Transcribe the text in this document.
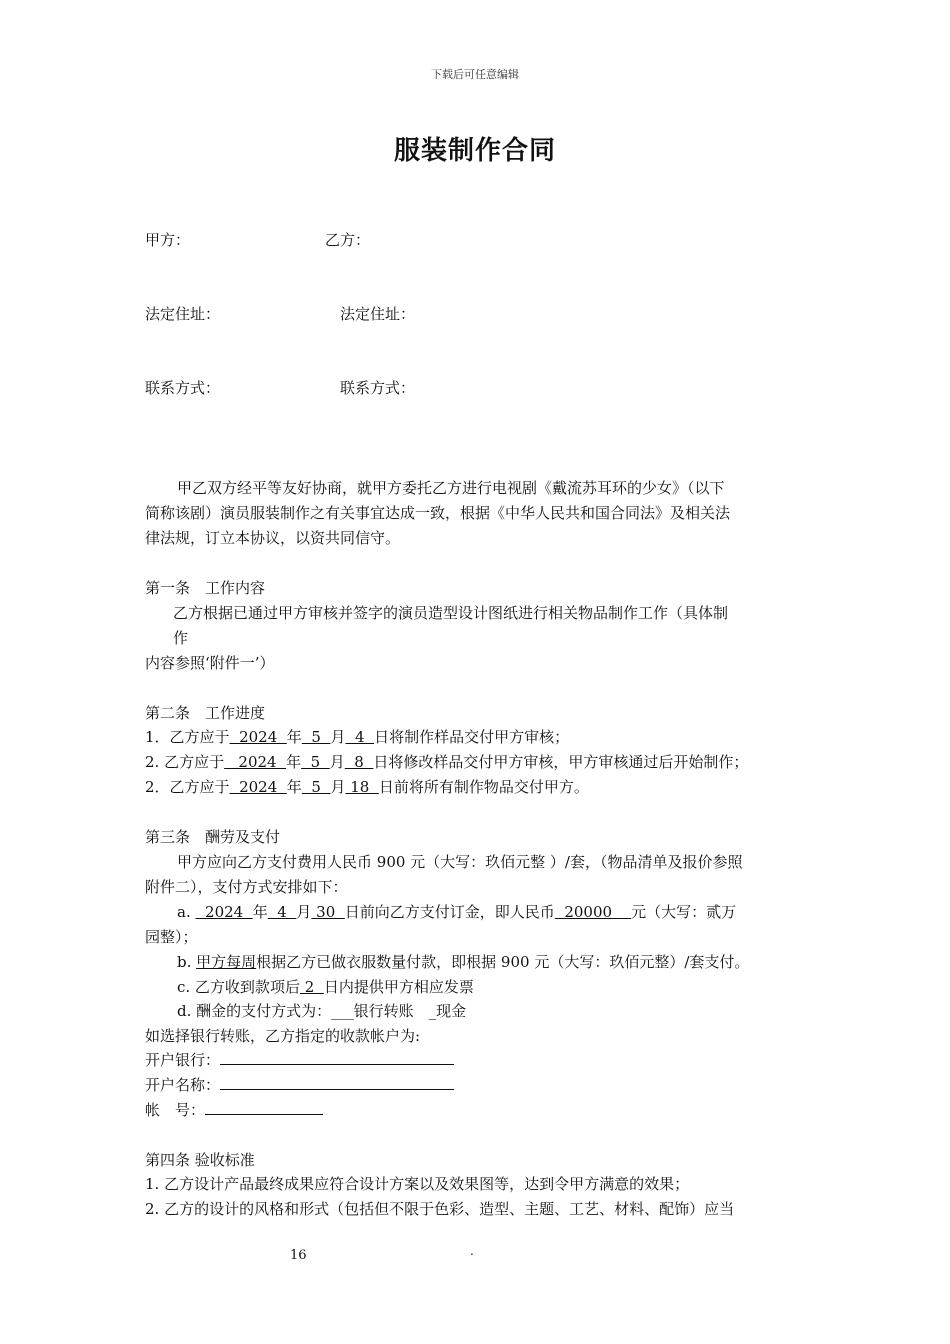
下载后可任意编辑
服装制作合同
甲方：	乙方：
法定住址：	法定住址：
联系方式：	联系方式：
甲乙双方经平等友好协商，就甲方委托乙方进行电视剧《戴流苏耳环的少女》（以下
简称该剧）演员服装制作之有关事宜达成一致，根据《中华人民共和国合同法》及相关法
律法规，订立本协议，以资共同信守。
第一条　工作内容
乙方根据已通过甲方审核并签字的演员造型设计图纸进行相关物品制作工作（具体制
作
内容参照‘附件一’）
第二条　工作进度
1．乙方应于  2024  年  5  月  4  日将制作样品交付甲方审核；
2. 乙方应于   2024  年  5  月  8  日将修改样品交付甲方审核，甲方审核通过后开始制作；
2．乙方应于  2024  年  5  月 18  日前将所有制作物品交付甲方。
第三条　酬劳及支付
甲方应向乙方支付费用人民币 900 元（大写：玖佰元整 ）/套，（物品清单及报价参照
附件二），支付方式安排如下：
a.   2024  年  4  月 30  日前向乙方支付订金，即人民币  20000    元（大写：贰万
园整）；
b. 甲方每周根据乙方已做衣服数量付款，即根据 900 元（大写：玖佰元整）/套支付。
c. 乙方收到款项后 2  日内提供甲方相应发票
d. 酬金的支付方式为：___银行转账　_现金
如选择银行转账，乙方指定的收款帐户为:
开户银行：
开户名称：
帐　号：
第四条 验收标准
1. 乙方设计产品最终成果应符合设计方案以及效果图等，达到令甲方满意的效果；
2. 乙方的设计的风格和形式（包括但不限于色彩、造型、主题、工艺、材料、配饰）应当
16	.
